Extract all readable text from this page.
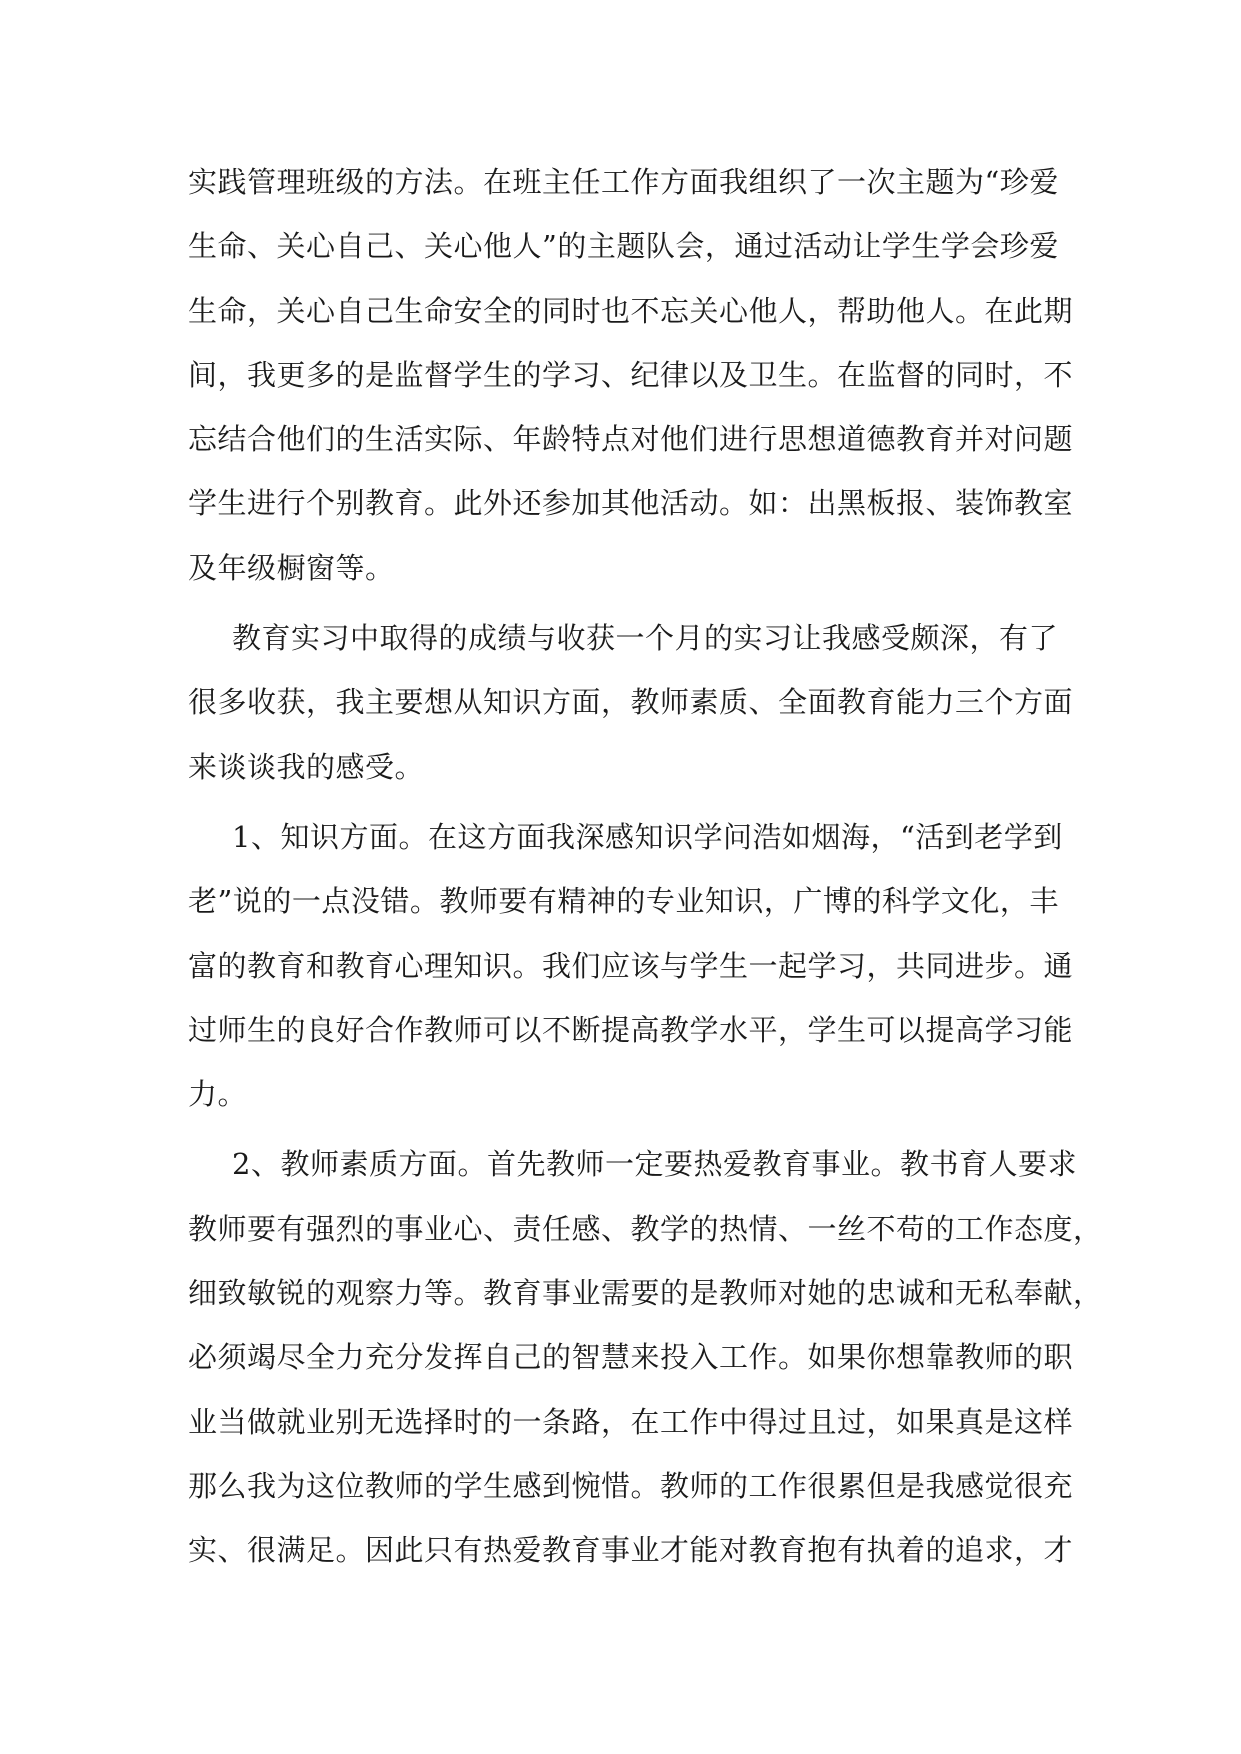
实践管理班级的方法。在班主任工作方面我组织了一次主题为“珍爱
生命、关心自己、关心他人”的主题队会，通过活动让学生学会珍爱
生命，关心自己生命安全的同时也不忘关心他人，帮助他人。在此期
间，我更多的是监督学生的学习、纪律以及卫生。在监督的同时，不
忘结合他们的生活实际、年龄特点对他们进行思想道德教育并对问题
学生进行个别教育。此外还参加其他活动。如：出黑板报、装饰教室
及年级橱窗等。
教育实习中取得的成绩与收获一个月的实习让我感受颇深，有了
很多收获，我主要想从知识方面，教师素质、全面教育能力三个方面
来谈谈我的感受。
1、知识方面。在这方面我深感知识学问浩如烟海，“活到老学到
老”说的一点没错。教师要有精神的专业知识，广博的科学文化，丰
富的教育和教育心理知识。我们应该与学生一起学习，共同进步。通
过师生的良好合作教师可以不断提高教学水平，学生可以提高学习能
力。
2、教师素质方面。首先教师一定要热爱教育事业。教书育人要求
教师要有强烈的事业心、责任感、教学的热情、一丝不苟的工作态度，
细致敏锐的观察力等。教育事业需要的是教师对她的忠诚和无私奉献，
必须竭尽全力充分发挥自己的智慧来投入工作。如果你想靠教师的职
业当做就业别无选择时的一条路，在工作中得过且过，如果真是这样
那么我为这位教师的学生感到惋惜。教师的工作很累但是我感觉很充
实、很满足。因此只有热爱教育事业才能对教育抱有执着的追求，才
